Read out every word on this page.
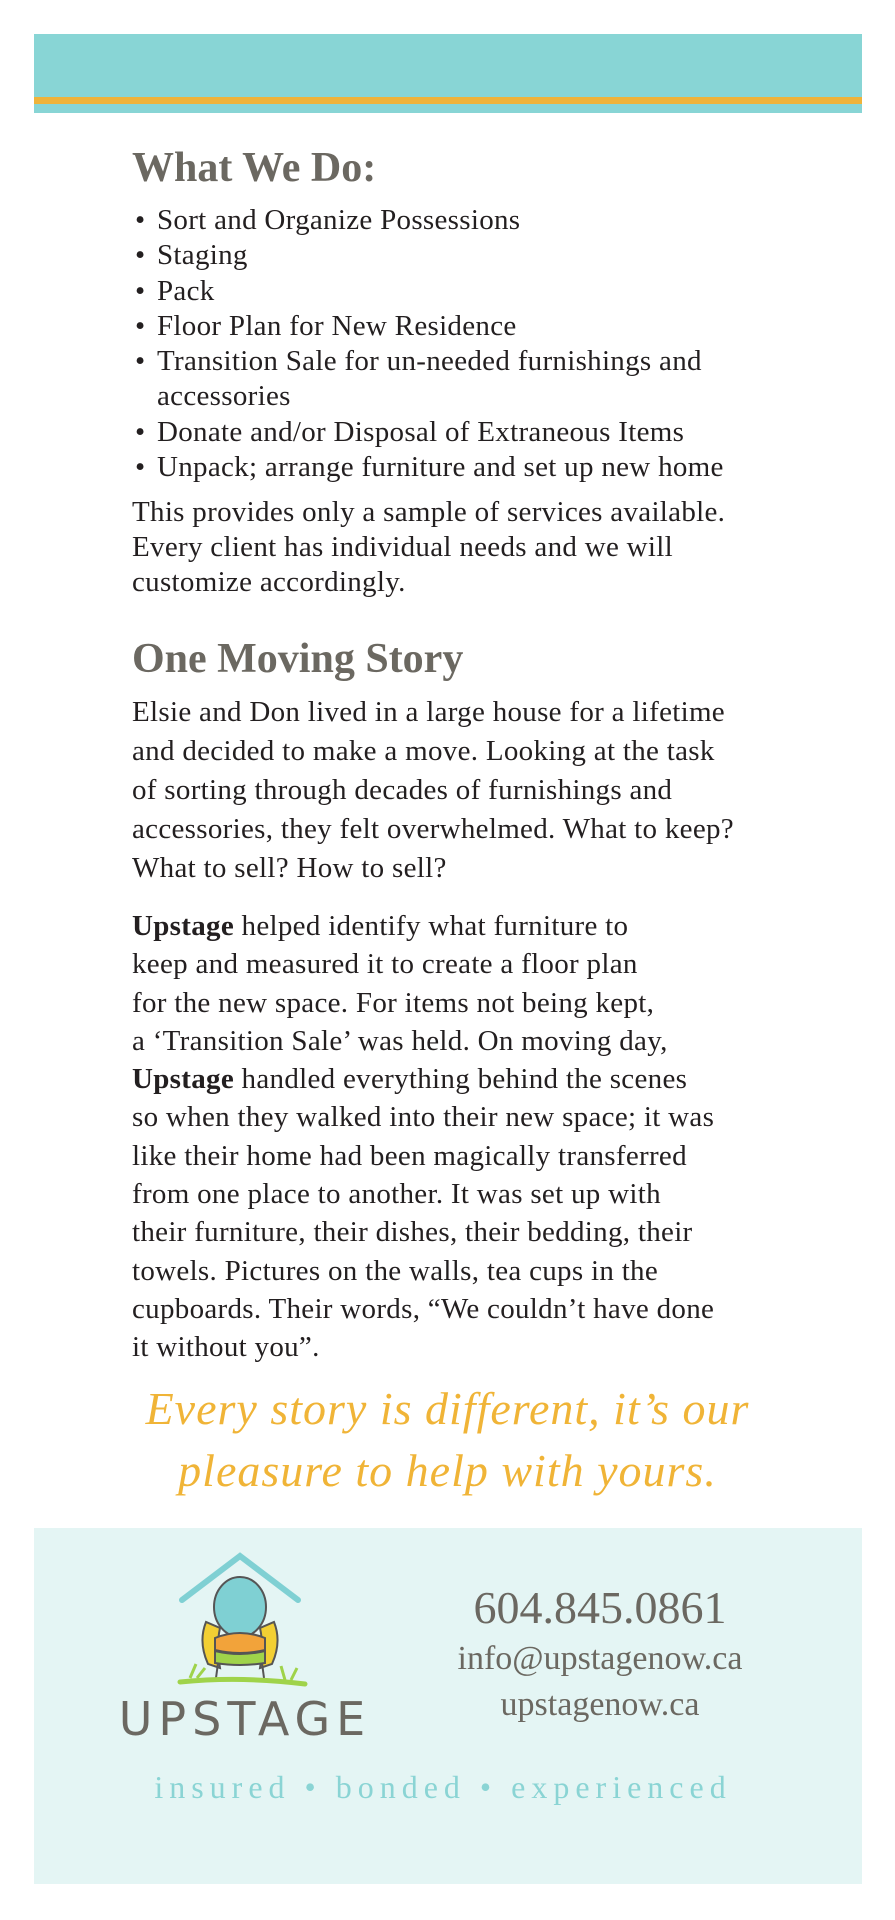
What We Do:
• Sort and Organize Possessions
• Staging
• Pack
• Floor Plan for New Residence
• Transition Sale for un-needed furnishings and
accessories
• Donate and/or Disposal of Extraneous Items
• Unpack; arrange furniture and set up new home
This provides only a sample of services available.
Every client has individual needs and we will
customize accordingly.
One Moving Story
Elsie and Don lived in a large house for a lifetime
and decided to make a move. Looking at the task
of sorting through decades of furnishings and
accessories, they felt overwhelmed. What to keep?
What to sell? How to sell?
Upstage helped identify what furniture to
keep and measured it to create a floor plan
for the new space. For items not being kept,
a ‘Transition Sale’ was held. On moving day,
Upstage handled everything behind the scenes
so when they walked into their new space; it was
like their home had been magically transferred
from one place to another. It was set up with
their furniture, their dishes, their bedding, their
towels. Pictures on the walls, tea cups in the
cupboards. Their words, “We couldn’t have done
it without you”.
Every story is different, it’s our
pleasure to help with yours.
UPSTAGE
604.845.0861
info@upstagenow.ca
upstagenow.ca
insured • bonded • experienced
